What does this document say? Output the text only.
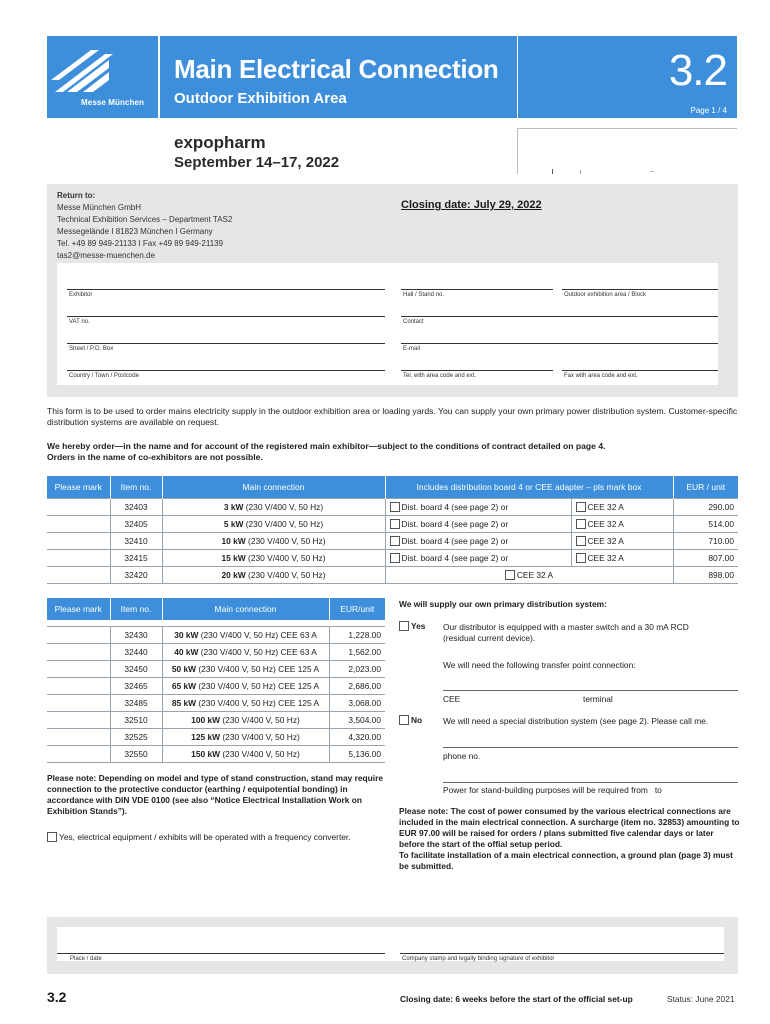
Messe München
Main Electrical Connection
Outdoor Exhibition Area
3.2
Page 1 / 4
expopharm
September 14–17, 2022
Return to:
Messe München GmbH
Technical Exhibition Services – Department TAS2
Messegelände I 81823 München I Germany
Tel. +49 89 949-21133 I Fax +49 89 949-21139
tas2@messe-muenchen.de
Closing date: July 29, 2022
Exhibitor	Hall / Stand no.	Outdoor exhibition area / Block
VAT no.	Contact
Street / P.O. Box	E-mail
Country / Town / Postcode	Tel. with area code and ext.	Fax with area code and ext.
This form is to be used to order mains electricity supply in the outdoor exhibition area or loading yards. You can supply your own primary power distribution system. Customer-specific distribution systems are available on request.
We hereby order—in the name and for account of the registered main exhibitor—subject to the conditions of contract detailed on page 4.
Orders in the name of co-exhibitors are not possible.
Please mark	Item no.	Main connection	Includes distribution board 4 or CEE adapter – pls mark box		EUR / unit
	32403	3 kW (230 V/400 V, 50 Hz)	Dist. board 4 (see page 2) or	CEE 32 A	290.00
	32405	5 kW (230 V/400 V, 50 Hz)	Dist. board 4 (see page 2) or	CEE 32 A	514.00
	32410	10 kW (230 V/400 V, 50 Hz)	Dist. board 4 (see page 2) or	CEE 32 A	710.00
	32415	15 kW (230 V/400 V, 50 Hz)	Dist. board 4 (see page 2) or	CEE 32 A	807.00
	32420	20 kW (230 V/400 V, 50 Hz)	CEE 32 A		898.00
Please mark	Item no.	Main connection	EUR/unit

	32430	30 kW (230 V/400 V, 50 Hz) CEE 63 A	1,228.00
	32440	40 kW (230 V/400 V, 50 Hz) CEE 63 A	1,562.00
	32450	50 kW (230 V/400 V, 50 Hz) CEE 125 A	2,023.00
	32465	65 kW (230 V/400 V, 50 Hz) CEE 125 A	2,686.00
	32485	85 kW (230 V/400 V, 50 Hz) CEE 125 A	3,068.00
	32510	100 kW (230 V/400 V, 50 Hz)	3,504.00
	32525	125 kW (230 V/400 V, 50 Hz)	4,320.00
	32550	150 kW (230 V/400 V, 50 Hz)	5,136.00
We will supply our own primary distribution system:
Yes Our distributor is equipped with a master switch and a 30 mA RCD
(residual current device).
We will need the following transfer point connection:
CEE	terminal
No We will need a special distribution system (see page 2). Please call me.
phone no.
Power for stand-building purposes will be required from to
Please note: The cost of power consumed by the various electrical connections are included in the main electrical connection. A surcharge (item no. 32853) amounting to EUR 97.00 will be raised for orders / plans submitted five calendar days or later before the start of the offial setup period.
To facilitate installation of a main electrical connection, a ground plan (page 3) must be submitted.
Please note: Depending on model and type of stand construction, stand may require connection to the protective conductor (earthing / equipotential bonding) in accordance with DIN VDE 0100 (see also “Notice Electrical Installation Work on Exhibition Stands”).
Yes, electrical equipment / exhibits will be operated with a frequency converter.
Place / date	Company stamp and legally binding signature of exhibitor
3.2	Closing date: 6 weeks before the start of the official set-up	Status: June 2021
